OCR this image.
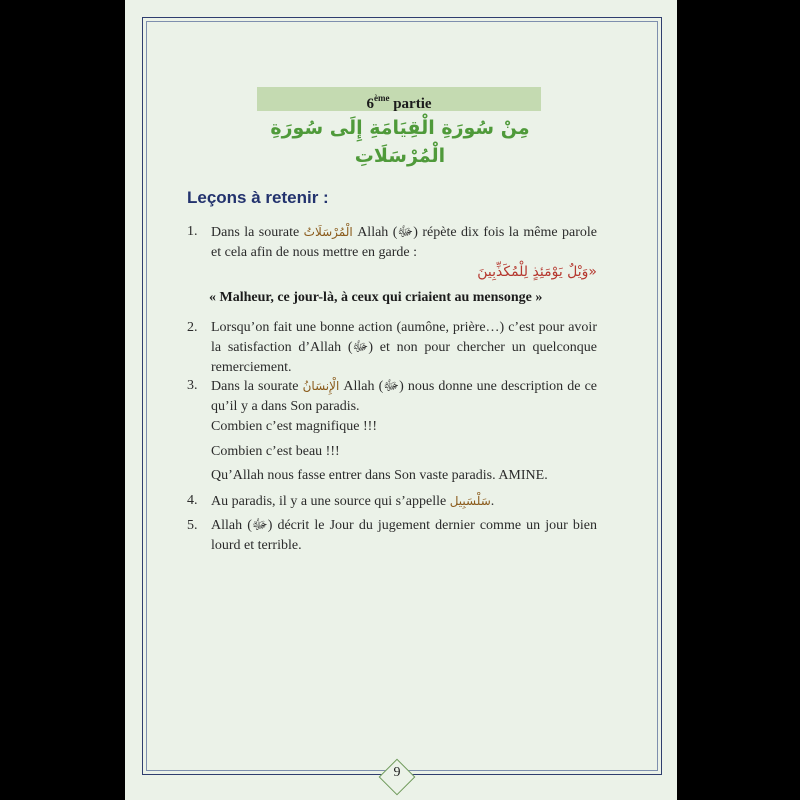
6ème partie
مِنْ سُورَةِ الْقِيَامَةِ إِلَى سُورَةِ الْمُرْسَلَاتِ
Leçons à retenir :
1. Dans la sourate الْمُرْسَلَاتُ Allah (ﷻ) répète dix fois la même parole et cela afin de nous mettre en garde :
«وَيْلٌ يَوْمَئِذٍ لِلْمُكَذِّبِينَ
« Malheur, ce jour-là, à ceux qui criaient au mensonge »
2. Lorsqu’on fait une bonne action (aumône, prière…) c’est pour avoir la satisfaction d’Allah (ﷻ) et non pour chercher un quelconque remerciement.
3. Dans la sourate الْإِنسَانُ Allah (ﷻ) nous donne une description de ce qu’il y a dans Son paradis.
Combien c’est magnifique !!!
Combien c’est beau !!!
Qu’Allah nous fasse entrer dans Son vaste paradis. AMINE.
4. Au paradis, il y a une source qui s’appelle سَلْسَبِيل.
5. Allah (ﷻ) décrit le Jour du jugement dernier comme un jour bien lourd et terrible.
9
